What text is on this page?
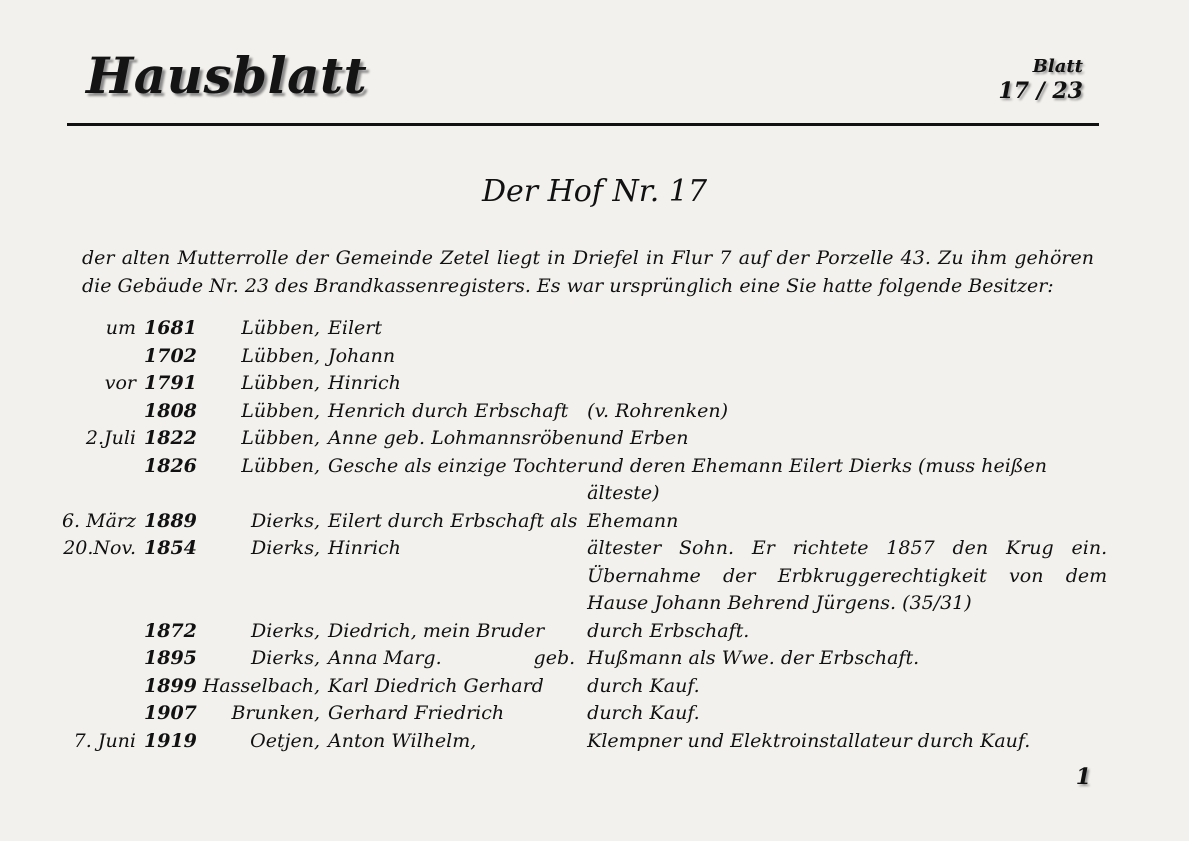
Hausblatt	Blatt
17 / 23
Der Hof Nr. 17
der alten Mutterrolle der Gemeinde Zetel liegt in Driefel in Flur 7 auf der Porzelle 43. Zu ihm gehören die Gebäude Nr. 23 des Brandkassenregisters. Es war ursprünglich eine Sie hatte folgende Besitzer:
um	1681	Lübben,	Eilert	
	1702	Lübben,	Johann	
vor	1791	Lübben,	Hinrich	
	1808	Lübben,	Henrich durch Erbschaft	(v. Rohrenken)
2.Juli	1822	Lübben,	Anne geb. Lohmannsröben	und Erben
	1826	Lübben,	Gesche als einzige Tochter	und deren Ehemann Eilert Dierks (muss heißen älteste)
6. März	1889	Dierks,	Eilert durch Erbschaft als	Ehemann
20.Nov.	1854	Dierks,	Hinrich	ältester Sohn. Er richtete 1857 den Krug ein. Übernahme der Erbkruggerechtigkeit von dem Hause Johann Behrend Jürgens. (35/31)
	1872	Dierks,	Diedrich, mein Bruder	durch Erbschaft.
	1895	Dierks,	Anna Marg. geb.	Hußmann als Wwe. der Erbschaft.
	1899	Hasselbach,	Karl Diedrich Gerhard	durch Kauf.
	1907	Brunken,	Gerhard Friedrich	durch Kauf.
7. Juni	1919	Oetjen,	Anton Wilhelm,	Klempner und Elektroinstallateur durch Kauf.
1
